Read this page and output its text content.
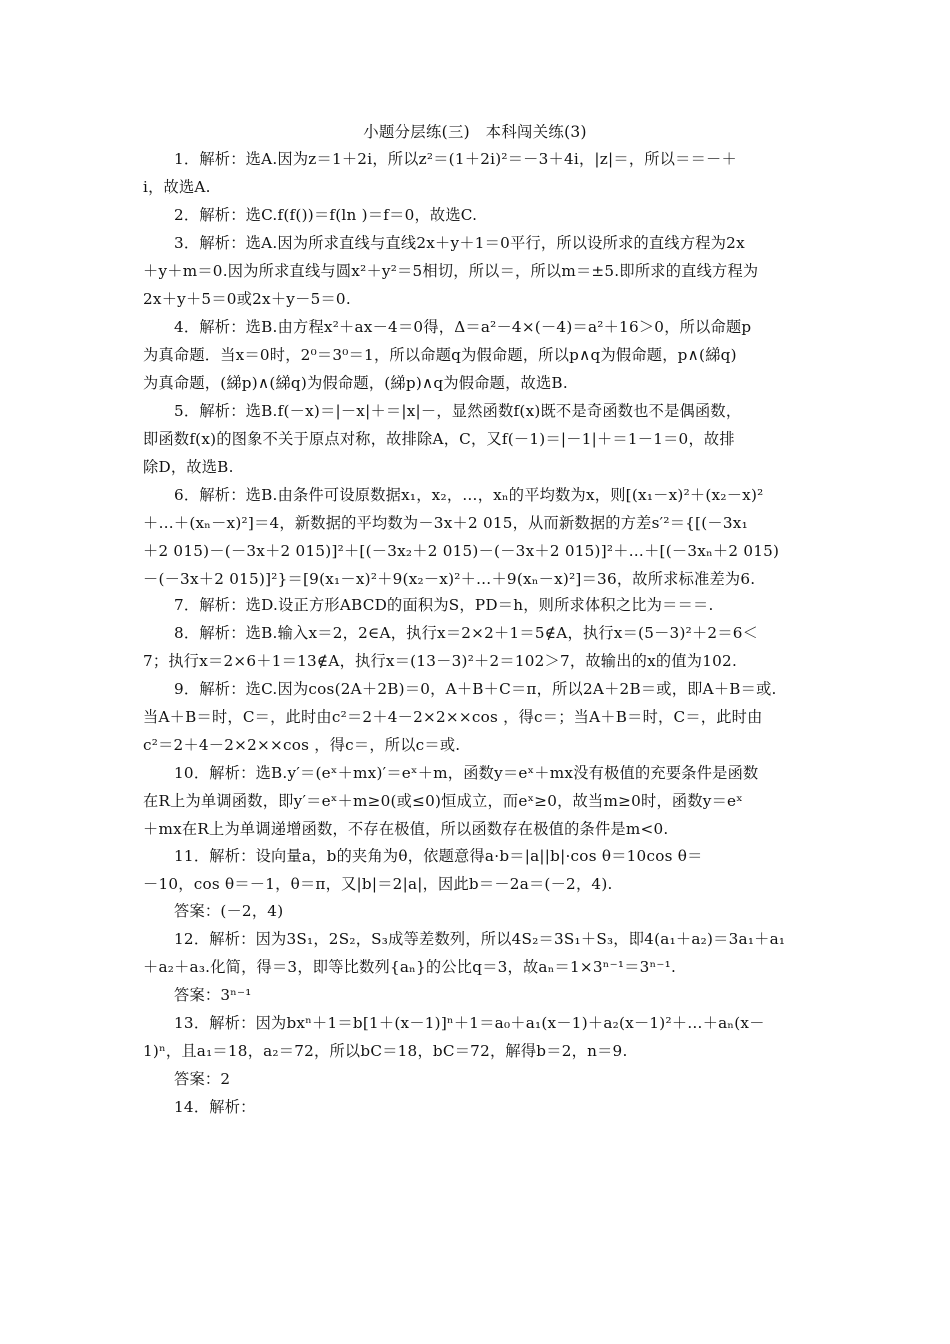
小题分层练(三)　本科闯关练(3)
1．解析：选A.因为z＝1＋2i，所以z²＝(1＋2i)²＝－3＋4i，|z|＝，所以＝＝－＋
i，故选A.
2．解析：选C.f(f())＝f(ln )＝f＝0，故选C.
3．解析：选A.因为所求直线与直线2x＋y＋1＝0平行，所以设所求的直线方程为2x
＋y＋m＝0.因为所求直线与圆x²＋y²＝5相切，所以＝，所以m＝±5.即所求的直线方程为
2x＋y＋5＝0或2x＋y－5＝0.
4．解析：选B.由方程x²＋ax－4＝0得，Δ＝a²－4×(－4)＝a²＋16＞0，所以命题p
为真命题．当x＝0时，2⁰＝3⁰＝1，所以命题q为假命题，所以p∧q为假命题，p∧(綈q)
为真命题，(綈p)∧(綈q)为假命题，(綈p)∧q为假命题，故选B.
5．解析：选B.f(－x)＝|－x|＋＝|x|－，显然函数f(x)既不是奇函数也不是偶函数，
即函数f(x)的图象不关于原点对称，故排除A，C，又f(－1)＝|－1|＋＝1－1＝0，故排
除D，故选B.
6．解析：选B.由条件可设原数据x₁，x₂，…，xₙ的平均数为x，则[(x₁－x)²＋(x₂－x)²
＋…＋(xₙ－x)²]＝4，新数据的平均数为－3x＋2 015，从而新数据的方差s′²＝{[(－3x₁
＋2 015)－(－3x＋2 015)]²＋[(－3x₂＋2 015)－(－3x＋2 015)]²＋…＋[(－3xₙ＋2 015)
－(－3x＋2 015)]²}＝[9(x₁－x)²＋9(x₂－x)²＋…＋9(xₙ－x)²]＝36，故所求标准差为6.
7．解析：选D.设正方形ABCD的面积为S，PD＝h，则所求体积之比为＝＝＝.
8．解析：选B.输入x＝2，2∈A，执行x＝2×2＋1＝5∉A，执行x＝(5－3)²＋2＝6＜
7；执行x＝2×6＋1＝13∉A，执行x＝(13－3)²＋2＝102＞7，故输出的x的值为102.
9．解析：选C.因为cos(2A＋2B)＝0，A＋B＋C＝π，所以2A＋2B＝或，即A＋B＝或.
当A＋B＝时，C＝，此时由c²＝2＋4－2×2××cos ，得c＝；当A＋B＝时，C＝，此时由
c²＝2＋4－2×2××cos ，得c＝，所以c＝或.
10．解析：选B.y′＝(eˣ＋mx)′＝eˣ＋m，函数y＝eˣ＋mx没有极值的充要条件是函数
在R上为单调函数，即y′＝eˣ＋m≥0(或≤0)恒成立，而eˣ≥0，故当m≥0时，函数y＝eˣ
＋mx在R上为单调递增函数，不存在极值，所以函数存在极值的条件是m<0.
11．解析：设向量a，b的夹角为θ，依题意得a·b＝|a||b|·cos θ＝10cos θ＝
－10，cos θ＝－1，θ＝π，又|b|＝2|a|，因此b＝－2a＝(－2，4).
答案：(－2，4)
12．解析：因为3S₁，2S₂，S₃成等差数列，所以4S₂＝3S₁＋S₃，即4(a₁＋a₂)＝3a₁＋a₁
＋a₂＋a₃.化简，得＝3，即等比数列{aₙ}的公比q＝3，故aₙ＝1×3ⁿ⁻¹＝3ⁿ⁻¹.
答案：3ⁿ⁻¹
13．解析：因为bxⁿ＋1＝b[1＋(x－1)]ⁿ＋1＝a₀＋a₁(x－1)＋a₂(x－1)²＋…＋aₙ(x－
1)ⁿ，且a₁＝18，a₂＝72，所以bC＝18，bC＝72，解得b＝2，n＝9.
答案：2
14．解析：
